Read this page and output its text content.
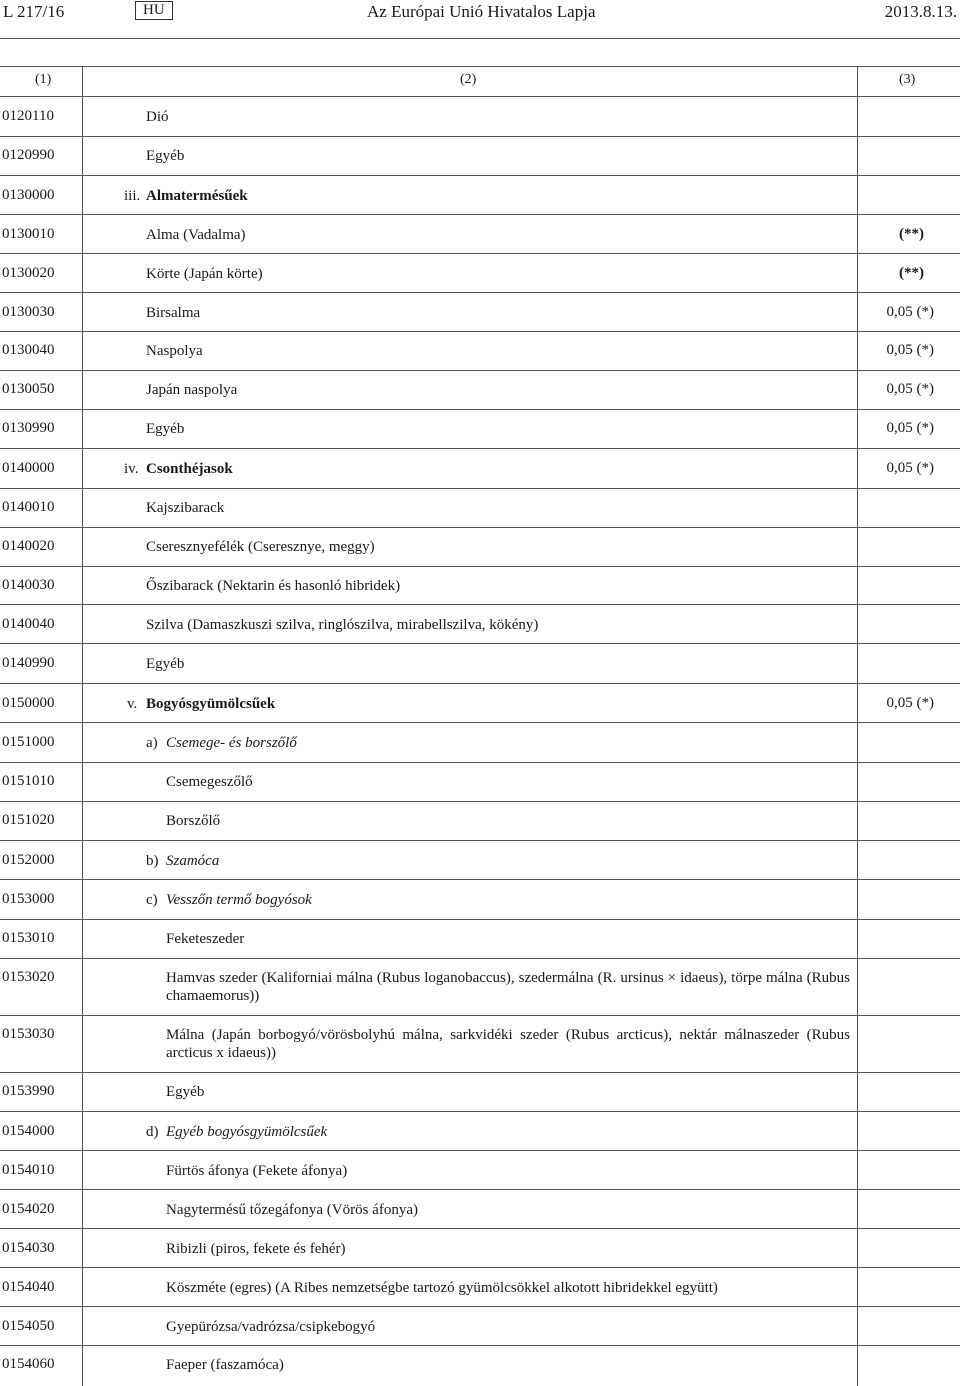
L 217/16	HU	Az Európai Unió Hivatalos Lapja	2013.8.13.
(1)	(2)	(3)
0120110	Dió
0120990	Egyéb
0130000	iii. Almatermésűek
0130010	Alma (Vadalma)	(**)
0130020	Körte (Japán körte)	(**)
0130030	Birsalma	0,05 (*)
0130040	Naspolya	0,05 (*)
0130050	Japán naspolya	0,05 (*)
0130990	Egyéb	0,05 (*)
0140000	iv. Csonthéjasok	0,05 (*)
0140010	Kajszibarack
0140020	Cseresznyefélék (Cseresznye, meggy)
0140030	Őszibarack (Nektarin és hasonló hibridek)
0140040	Szilva (Damaszkuszi szilva, ringlószilva, mirabellszilva, kökény)
0140990	Egyéb
0150000	v. Bogyósgyümölcsűek	0,05 (*)
0151000	a) Csemege- és borszőlő
0151010	Csemegeszőlő
0151020	Borszőlő
0152000	b) Szamóca
0153000	c) Vesszőn termő bogyósok
0153010	Feketeszeder
0153020	Hamvas szeder (Kaliforniai málna (Rubus loganobaccus), szedermálna (R. ursinus × idaeus), törpe málna (Rubus chamaemorus))
0153030	Málna (Japán borbogyó/vörösbolyhú málna, sarkvidéki szeder (Rubus arcticus), nektár málnaszeder (Rubus arcticus x idaeus))
0153990	Egyéb
0154000	d) Egyéb bogyósgyümölcsűek
0154010	Fürtös áfonya (Fekete áfonya)
0154020	Nagytermésű tőzegáfonya (Vörös áfonya)
0154030	Ribizli (piros, fekete és fehér)
0154040	Köszméte (egres) (A Ribes nemzetségbe tartozó gyümölcsökkel alkotott hibridekkel együtt)
0154050	Gyepürózsa/vadrózsa/csipkebogyó
0154060	Faeper (faszamóca)
